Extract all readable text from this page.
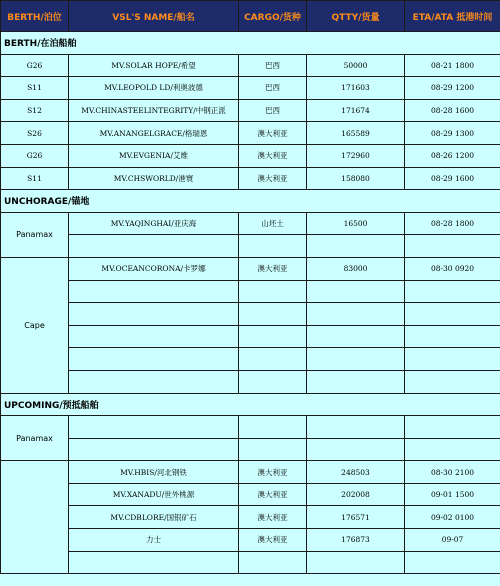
BERTH/泊位	VSL'S NAME/船名	CARGO/货种	QTTY/货量	ETA/ATA 抵港时间
BERTH/在泊船舶				
G26	MV.SOLAR HOPE/希望	巴西	50000	08-21 1800
S11	MV.LEOPOLD LD/利奥波德	巴西	171603	08-29 1200
S12	MV.CHINASTEELINTEGRITY/中钢正派	巴西	171674	08-28 1600
S26	MV.ANANGELGRACE/格瑞恩	澳大利亚	165589	08-29 1300
G26	MV.EVGENIA/艾维	澳大利亚	172960	08-26 1200
S11	MV.CHSWORLD/港寰	澳大利亚	158080	08-29 1600
UNCHORAGE/锚地				
Panamax	MV.YAQINGHAI/亚庆海	山坯土	16500	08-28 1800

Cape	MV.OCEANCORONA/卡罗娜	澳大利亚	83000	08-30 0920

UPCOMING/预抵船舶				
Panamax				

	MV.HBIS/河北钢铁	澳大利亚	248503	08-30 2100
	MV.XANADU/世外桃源	澳大利亚	202008	09-01 1500
	MV.CDBLORE/国银矿石	澳大利亚	176571	09-02 0100
	力士	澳大利亚	176873	09-07
